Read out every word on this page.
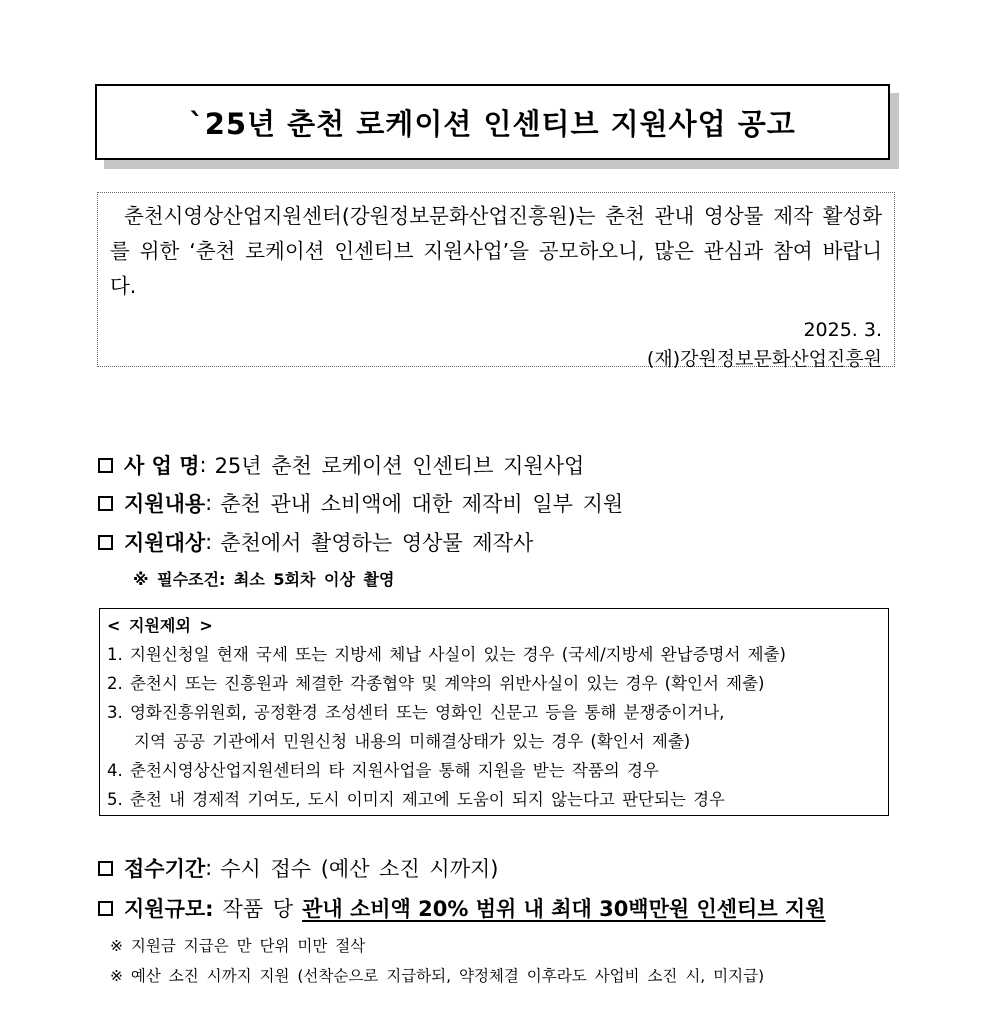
`25년 춘천 로케이션 인센티브 지원사업 공고

춘천시영상산업지원센터(강원정보문화산업진흥원)는 춘천 관내 영상물 제작 활성화를 위한 ‘춘천 로케이션 인센티브 지원사업’을 공모하오니, 많은 관심과 참여 바랍니다.

2025. 3.

(재)강원정보문화산업진흥원

사 업 명 : 25년 춘천 로케이션 인센티브 지원사업
지원내용 : 춘천 관내 소비액에 대한 제작비 일부 지원
지원대상 : 춘천에서 촬영하는 영상물 제작사
※ 필수조건: 최소 5회차 이상 촬영
< 지원제외 >
1. 지원신청일 현재 국세 또는 지방세 체납 사실이 있는 경우 (국세/지방세 완납증명서 제출)
2. 춘천시 또는 진흥원과 체결한 각종협약 및 계약의 위반사실이 있는 경우 (확인서 제출)
3. 영화진흥위원회, 공정환경 조성센터 또는 영화인 신문고 등을 통해 분쟁중이거나,
지역 공공 기관에서 민원신청 내용의 미해결상태가 있는 경우 (확인서 제출)
4. 춘천시영상산업지원센터의 타 지원사업을 통해 지원을 받는 작품의 경우
5. 춘천 내 경제적 기여도, 도시 이미지 제고에 도움이 되지 않는다고 판단되는 경우
접수기간 : 수시 접수 (예산 소진 시까지)
지원규모: 작품 당 관내 소비액 20% 범위 내 최대 30백만원 인센티브 지원
※ 지원금 지급은 만 단위 미만 절삭
※ 예산 소진 시까지 지원 (선착순으로 지급하되, 약정체결 이후라도 사업비 소진 시, 미지급)
